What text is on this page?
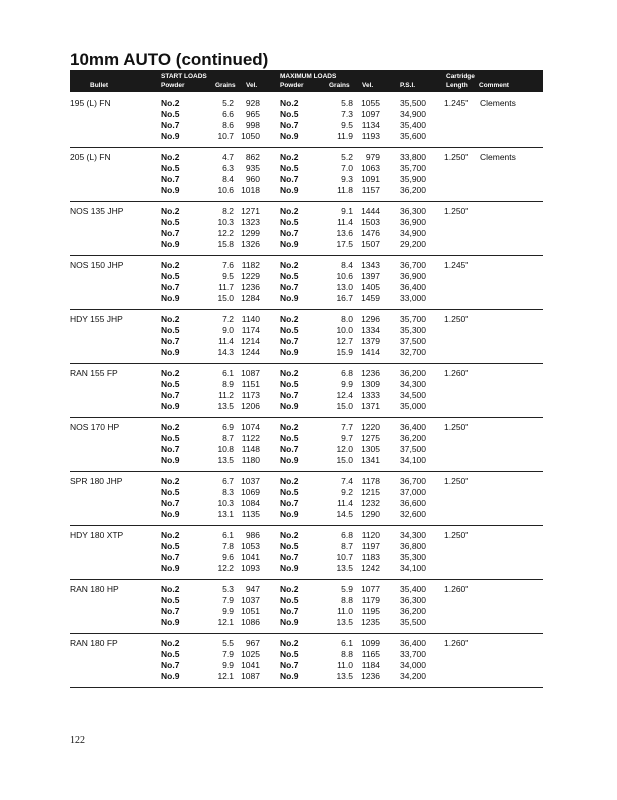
10mm AUTO (continued)
Bullet
START LOADS
Powder	Grains Vel.
MAXIMUM LOADS
Powder	Grains Vel.	P.S.I.
Cartridge
Length Comment
195 (L) FN	1.245" Clements
No.2	5.2	928 No.2	5.8 1055	35,500
No.5	6.6	965 No.5	7.3 1097	34,900
No.7	8.6	998 No.7	9.5	1134	35,400
No.9	10.7 1050 No.9	11.9	1193	35,600
205 (L) FN	1.250" Clements
No.2	4.7	862 No.2	5.2	979	33,800
No.5	6.3	935 No.5	7.0 1063	35,700
No.7	8.4	960 No.7	9.3 1091	35,900
No.9	10.6 1018 No.9	11.8	1157	36,200
NOS 135 JHP	1.250"
No.2	8.2 1271 No.2	9.1 1444	36,300
No.5	10.3 1323 No.5	11.4 1503	36,900
No.7	12.2 1299 No.7	13.6 1476	34,900
No.9	15.8 1326 No.9	17.5 1507	29,200
NOS 150 JHP	1.245"
No.2	7.6 1182 No.2	8.4 1343	36,700
No.5	9.5 1229 No.5	10.6 1397	36,900
No.7	11.7 1236 No.7	13.0 1405	36,400
No.9	15.0 1284 No.9	16.7 1459	33,000
HDY 155 JHP	1.250"
No.2	7.2 1140 No.2	8.0 1296	35,700
No.5	9.0 1174 No.5	10.0 1334	35,300
No.7	11.4 1214 No.7	12.7 1379	37,500
No.9	14.3 1244 No.9	15.9 1414	32,700
RAN 155 FP	1.260"
No.2	6.1 1087 No.2	6.8 1236	36,200
No.5	8.9 1151 No.5	9.9 1309	34,300
No.7	11.2 1173 No.7	12.4 1333	34,500
No.9	13.5 1206 No.9	15.0 1371	35,000
NOS 170 HP	1.250"
No.2	6.9 1074 No.2	7.7 1220	36,400
No.5	8.7 1122 No.5	9.7 1275	36,200
No.7	10.8 1148 No.7	12.0 1305	37,500
No.9	13.5 1180 No.9	15.0 1341	34,100
SPR 180 JHP	1.250"
No.2	6.7 1037 No.2	7.4	1178	36,700
No.5	8.3 1069 No.5	9.2 1215	37,000
No.7	10.3 1084 No.7	11.4 1232	36,600
No.9	13.1 1135 No.9	14.5 1290	32,600
HDY 180 XTP	1.250"
No.2	6.1	986 No.2	6.8	1120	34,300
No.5	7.8 1053 No.5	8.7	1197	36,800
No.7	9.6 1041 No.7	10.7	1183	35,300
No.9	12.2 1093 No.9	13.5 1242	34,100
RAN 180 HP	1.260"
No.2	5.3	947 No.2	5.9 1077	35,400
No.5	7.9 1037 No.5	8.8	1179	36,300
No.7	9.9 1051 No.7	11.0	1195	36,200
No.9	12.1 1086 No.9	13.5 1235	35,500
RAN 180 FP	1.260"
No.2	5.5	967 No.2	6.1 1099	36,400
No.5	7.9 1025 No.5	8.8	1165	33,700
No.7	9.9 1041 No.7	11.0	1184	34,000
No.9	12.1 1087 No.9	13.5 1236	34,200
122
